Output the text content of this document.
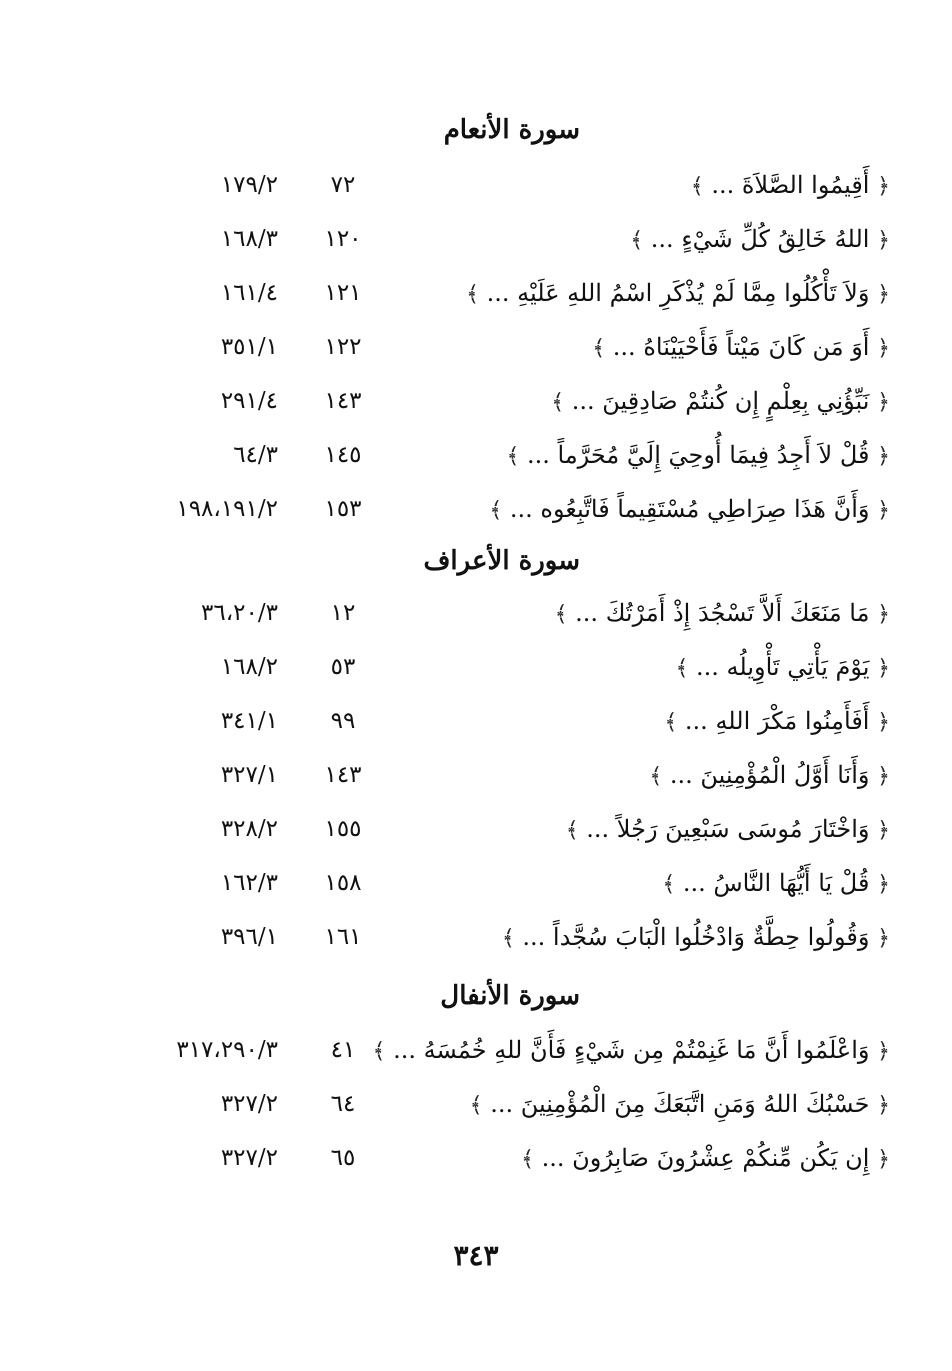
سورة الأنعام
﴿ أَقِيمُوا الصَّلاَةَ ... ﴾
٧٢
١٧٩/٢
﴿ اللهُ خَالِقُ كُلِّ شَيْءٍ ... ﴾
١٢٠
١٦٨/٣
﴿ وَلاَ تَأْكُلُوا مِمَّا لَمْ يُذْكَرِ اسْمُ اللهِ عَلَيْهِ ... ﴾
١٢١
١٦١/٤
﴿ أَوَ مَن كَانَ مَيْتاً فَأَحْيَيْنَاهُ ... ﴾
١٢٢
٣٥١/١
﴿ نَبِّؤُنِي بِعِلْمٍ إِن كُنتُمْ صَادِقِينَ ... ﴾
١٤٣
٢٩١/٤
﴿ قُلْ لاَ أَجِدُ فِيمَا أُوحِيَ إِلَيَّ مُحَرَّماً ... ﴾
١٤٥
٦٤/٣
﴿ وَأَنَّ هَذَا صِرَاطِي مُسْتَقِيماً فَاتَّبِعُوه ... ﴾
١٥٣
١٩٨،١٩١/٢
سورة الأعراف
﴿ مَا مَنَعَكَ أَلاَّ تَسْجُدَ إِذْ أَمَرْتُكَ ... ﴾
١٢
٣٦،٢٠/٣
﴿ يَوْمَ يَأْتِي تَأْوِيلُه ... ﴾
٥٣
١٦٨/٢
﴿ أَفَأَمِنُوا مَكْرَ اللهِ ... ﴾
٩٩
٣٤١/١
﴿ وَأَنَا أَوَّلُ الْمُؤْمِنِينَ ... ﴾
١٤٣
٣٢٧/١
﴿ وَاخْتَارَ مُوسَى سَبْعِينَ رَجُلاً ... ﴾
١٥٥
٣٢٨/٢
﴿ قُلْ يَا أَيُّهَا النَّاسُ ... ﴾
١٥٨
١٦٢/٣
﴿ وَقُولُوا حِطَّةٌ وَادْخُلُوا الْبَابَ سُجَّداً ... ﴾
١٦١
٣٩٦/١
سورة الأنفال
﴿ وَاعْلَمُوا أَنَّ مَا غَنِمْتُمْ مِن شَيْءٍ فَأَنَّ للهِ خُمُسَهُ ... ﴾
٤١
٣١٧،٢٩٠/٣
﴿ حَسْبُكَ اللهُ وَمَنِ اتَّبَعَكَ مِنَ الْمُؤْمِنِينَ ... ﴾
٦٤
٣٢٧/٢
﴿ إِن يَكُن مِّنكُمْ عِشْرُونَ صَابِرُونَ ... ﴾
٦٥
٣٢٧/٢
٣٤٣
